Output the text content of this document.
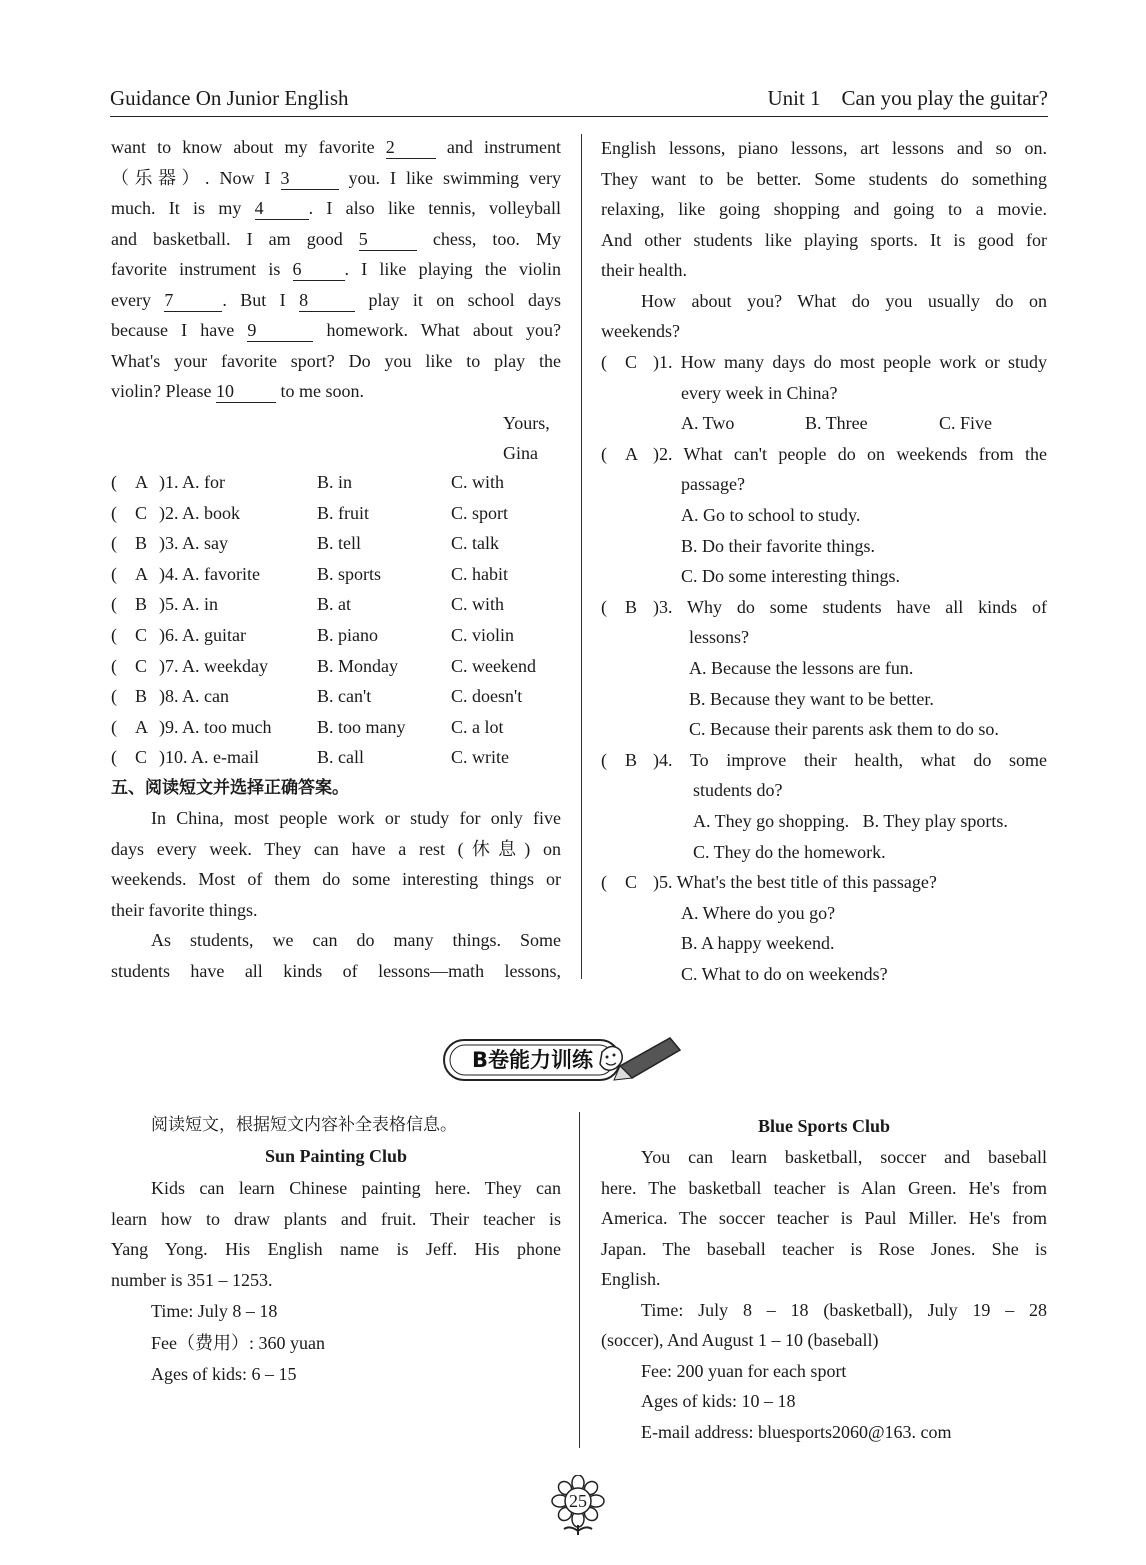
Guidance On Junior English	Unit 1    Can you play the guitar?

want to know about my favorite 2 and instrument

（乐器）. Now I 3	you. I like swimming very

much. It is my 4	. I also like tennis, volleyball

and basketball. I am good 5	chess, too. My

favorite instrument is 6 . I like playing the violin

every 7	. But I 8	play it on school days

because I have 9	homework. What about you?

What's your favorite sport? Do you like to play the

violin? Please 10 to me soon.

Yours,
Gina
( A )1. A. for	B. in	C. with
( C )2. A. book	B. fruit	C. sport
( B )3. A. say	B. tell	C. talk
( A )4. A. favorite	B. sports	C. habit
( B )5. A. in	B. at	C. with
( C )6. A. guitar	B. piano	C. violin
( C )7. A. weekday	B. Monday	C. weekend
( B )8. A. can	B. can't	C. doesn't
( A )9. A. too much	B. too many	C. a lot
( C )10. A. e-mail	B. call	C. write
五、阅读短文并选择正确答案。

In China, most people work or study for only five

days every week. They can have a rest (休息) on

weekends. Most of them do some interesting things or

their favorite things.

As students, we can do many things. Some

students have all kinds of lessons—math lessons,

English lessons, piano lessons, art lessons and so on.

They want to be better. Some students do something

relaxing, like going shopping and going to a movie.

And other students like playing sports. It is good for

their health.

How about you? What do you usually do on

weekends?

( C )1. How many days do most people work or study
every week in China?
A. Two	B. Three	C. Five
( A )2. What can't people do on weekends from the
passage?
A. Go to school to study.
B. Do their favorite things.
C. Do some interesting things.
( B )3. Why do some students have all kinds of
lessons?
A. Because the lessons are fun.
B. Because they want to be better.
C. Because their parents ask them to do so.
( B )4. To improve their health, what do some
students do?
A. They go shopping.   B. They play sports.
C. They do the homework.
( C )5. What's the best title of this passage?
A. Where do you go?
B. A happy weekend.
C. What to do on weekends?
B卷能力训练
阅读短文，根据短文内容补全表格信息。
Sun Painting Club

Kids can learn Chinese painting here. They can

learn how to draw plants and fruit. Their teacher is

Yang Yong. His English name is Jeff. His phone

number is 351 – 1253.

Time: July 8 – 18

Fee（费用）: 360 yuan

Ages of kids: 6 – 15

Blue Sports Club

You can learn basketball, soccer and baseball

here. The basketball teacher is Alan Green. He's from

America. The soccer teacher is Paul Miller. He's from

Japan. The baseball teacher is Rose Jones. She is

English.

Time: July 8 – 18 (basketball), July 19 – 28

(soccer), And August 1 – 10 (baseball)

Fee: 200 yuan for each sport

Ages of kids: 10 – 18

E-mail address: bluesports2060@163. com

25
